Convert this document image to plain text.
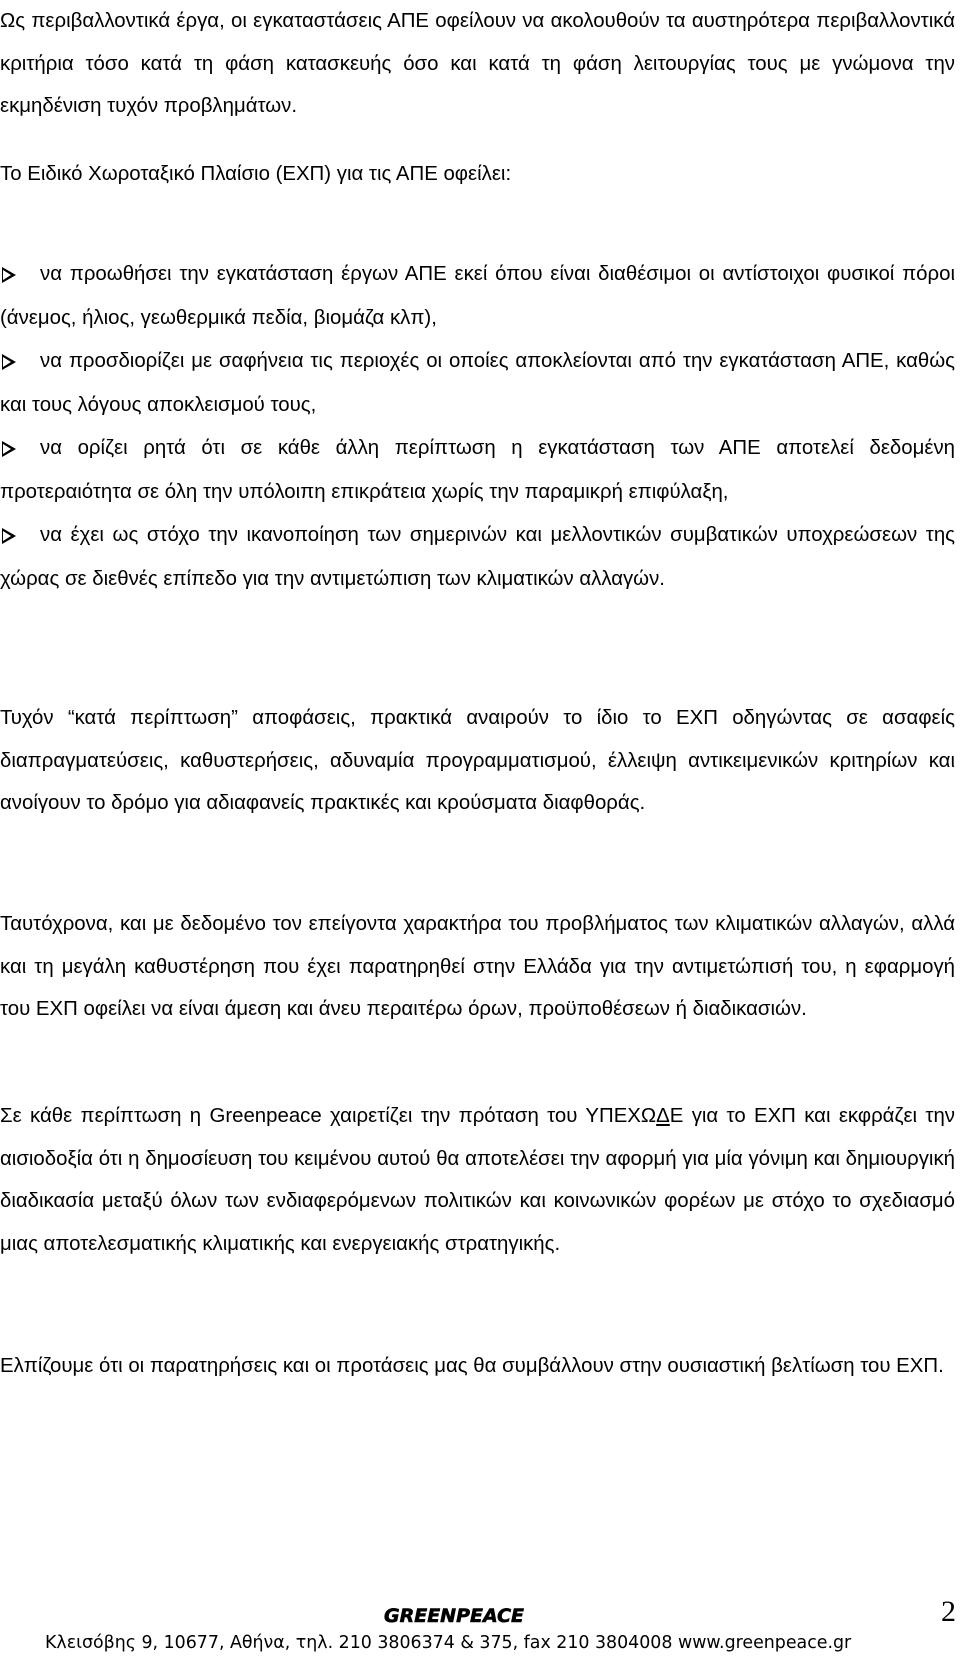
Ως περιβαλλοντικά έργα, οι εγκαταστάσεις ΑΠΕ οφείλουν να ακολουθούν τα αυστηρότερα περιβαλλοντικά κριτήρια τόσο κατά τη φάση κατασκευής όσο και κατά τη φάση λειτουργίας τους με γνώμονα την εκμηδένιση τυχόν προβλημάτων.

Το Ειδικό Χωροταξικό Πλαίσιο (ΕΧΠ) για τις ΑΠΕ οφείλει:

να προωθήσει την εγκατάσταση έργων ΑΠΕ εκεί όπου είναι διαθέσιμοι οι αντίστοιχοι φυσικοί πόροι (άνεμος, ήλιος, γεωθερμικά πεδία, βιομάζα κλπ),
να προσδιορίζει με σαφήνεια τις περιοχές οι οποίες αποκλείονται από την εγκατάσταση ΑΠΕ, καθώς και τους λόγους αποκλεισμού τους,
να ορίζει ρητά ότι σε κάθε άλλη περίπτωση η εγκατάσταση των ΑΠΕ αποτελεί δεδομένη προτεραιότητα σε όλη την υπόλοιπη επικράτεια χωρίς την παραμικρή επιφύλαξη,
να έχει ως στόχο την ικανοποίηση των σημερινών και μελλοντικών συμβατικών υποχρεώσεων της χώρας σε διεθνές επίπεδο για την αντιμετώπιση των κλιματικών αλλαγών.

Τυχόν “κατά περίπτωση” αποφάσεις, πρακτικά αναιρούν το ίδιο το ΕΧΠ οδηγώντας σε ασαφείς διαπραγματεύσεις, καθυστερήσεις, αδυναμία προγραμματισμού, έλλειψη αντικειμενικών κριτηρίων και ανοίγουν το δρόμο για αδιαφανείς πρακτικές και κρούσματα διαφθοράς.

Ταυτόχρονα, και με δεδομένο τον επείγοντα χαρακτήρα του προβλήματος των κλιματικών αλλαγών, αλλά και τη μεγάλη καθυστέρηση που έχει παρατηρηθεί στην Ελλάδα για την αντιμετώπισή του, η εφαρμογή του ΕΧΠ οφείλει να είναι άμεση και άνευ περαιτέρω όρων, προϋποθέσεων ή διαδικασιών.

Σε κάθε περίπτωση η Greenpeace χαιρετίζει την πρόταση του ΥΠΕΧΩΔΕ για το ΕΧΠ και εκφράζει την αισιοδοξία ότι η δημοσίευση του κειμένου αυτού θα αποτελέσει την αφορμή για μία γόνιμη και δημιουργική διαδικασία μεταξύ όλων των ενδιαφερόμενων πολιτικών και κοινωνικών φορέων με στόχο το σχεδιασμό μιας αποτελεσματικής κλιματικής και ενεργειακής στρατηγικής.

Ελπίζουμε ότι οι παρατηρήσεις και οι προτάσεις μας θα συμβάλλουν στην ουσιαστική βελτίωση του ΕΧΠ.

GREENPEACE	2
Κλεισόβης 9, 10677, Αθήνα, τηλ. 210 3806374 & 375, fax 210 3804008 www.greenpeace.gr
